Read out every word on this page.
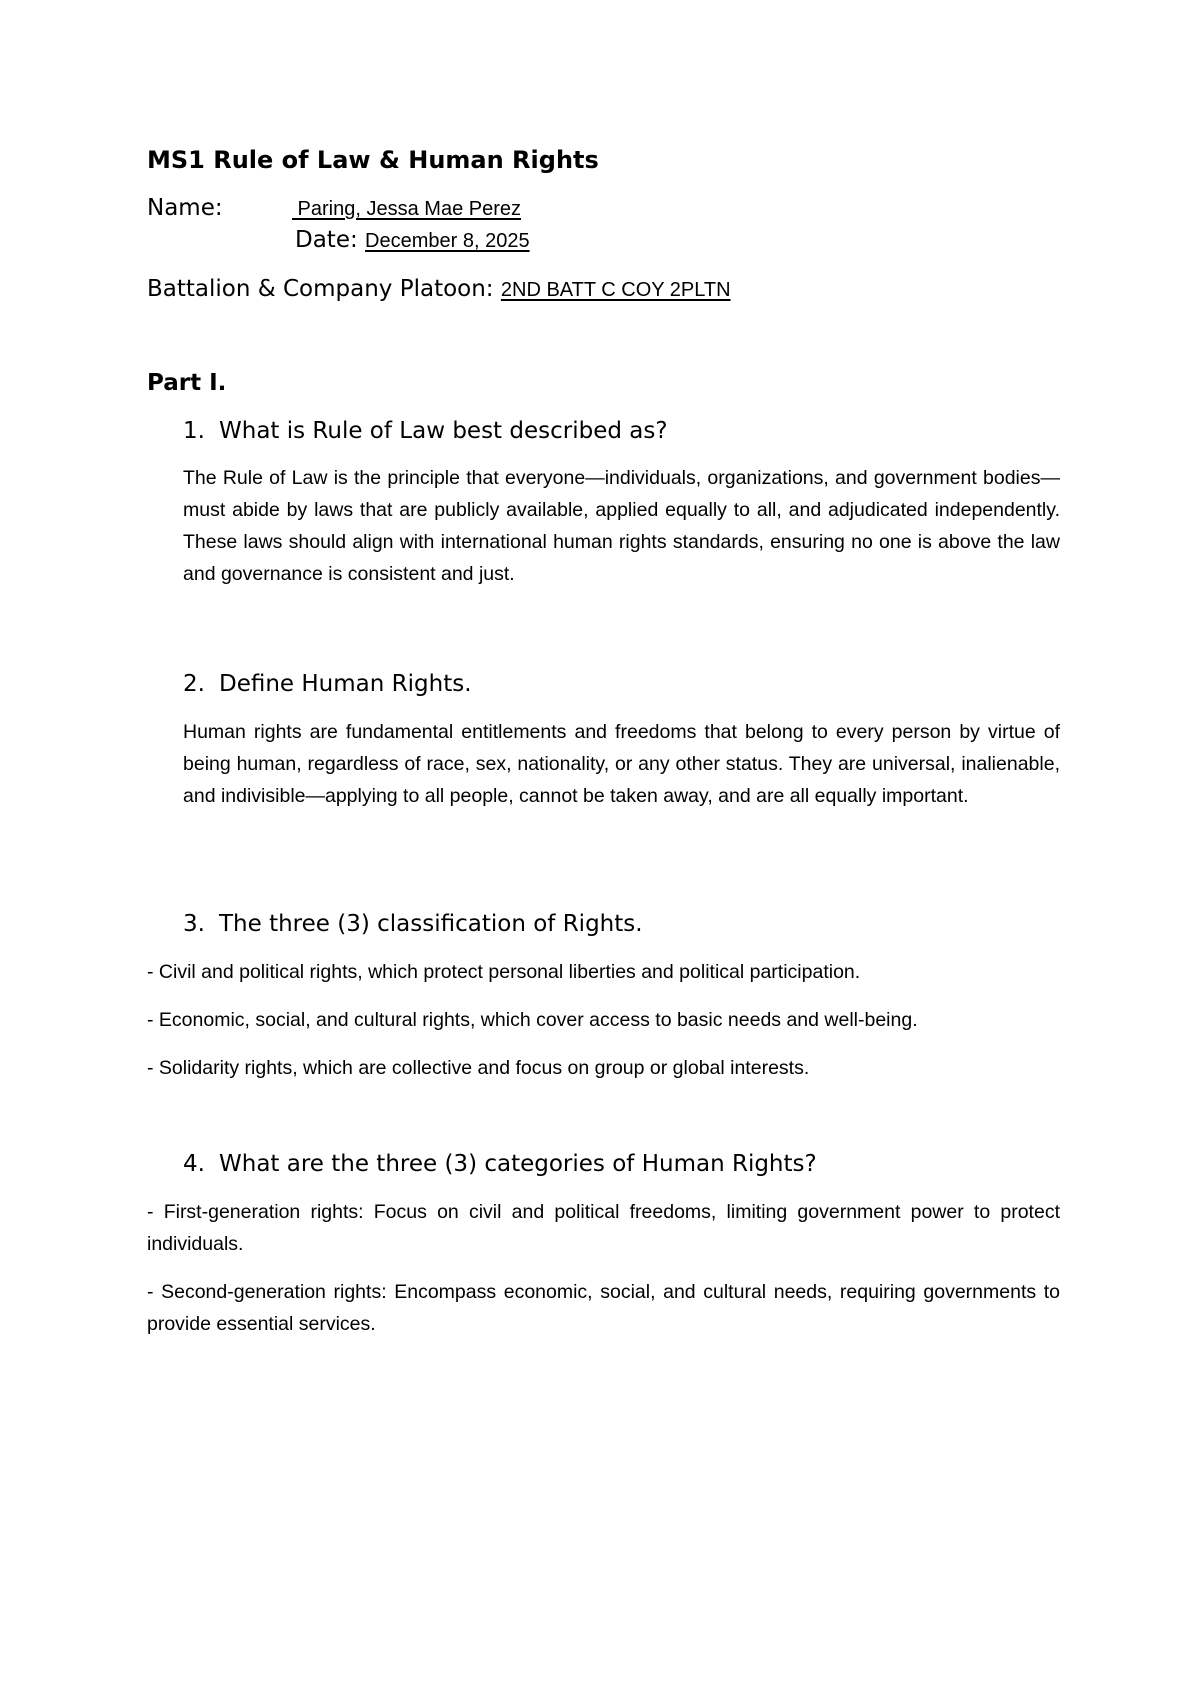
MS1 Rule of Law & Human Rights
Name:	Paring, Jessa Mae Perez
Date: December 8, 2025
Battalion & Company Platoon: 2ND BATT C COY 2PLTN
Part I.
1. What is Rule of Law best described as?
The Rule of Law is the principle that everyone—individuals, organizations, and government bodies—must abide by laws that are publicly available, applied equally to all, and adjudicated independently. These laws should align with international human rights standards, ensuring no one is above the law and governance is consistent and just.
2. Define Human Rights.
Human rights are fundamental entitlements and freedoms that belong to every person by virtue of being human, regardless of race, sex, nationality, or any other status. They are universal, inalienable, and indivisible—applying to all people, cannot be taken away, and are all equally important.
3. The three (3) classification of Rights.

- Civil and political rights, which protect personal liberties and political participation.

- Economic, social, and cultural rights, which cover access to basic needs and well-being.

- Solidarity rights, which are collective and focus on group or global interests.

4. What are the three (3) categories of Human Rights?

- First-generation rights: Focus on civil and political freedoms, limiting government power to protect individuals.

- Second-generation rights: Encompass economic, social, and cultural needs, requiring governments to provide essential services.
